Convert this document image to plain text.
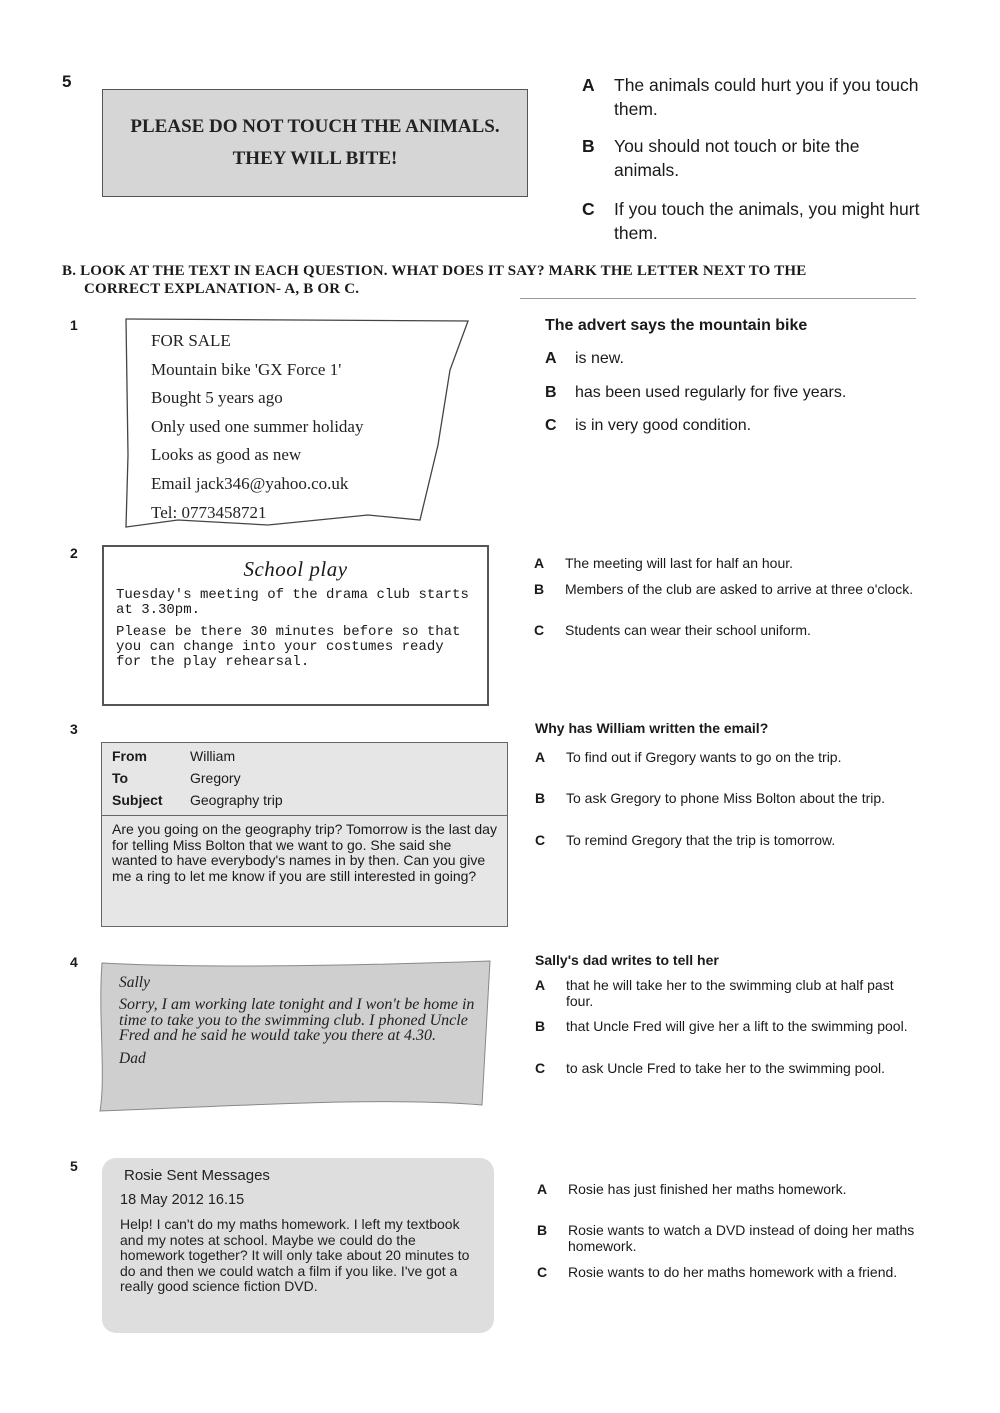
5
PLEASE DO NOT TOUCH THE ANIMALS.
THEY WILL BITE!
A	The animals could hurt you if you touch them.
B	You should not touch or bite the animals.
C	If you touch the animals, you might hurt them.
B. LOOK AT THE TEXT IN EACH QUESTION. WHAT DOES IT SAY? MARK THE LETTER NEXT TO THE
CORRECT EXPLANATION- A, B OR C.
1
FOR SALE
Mountain bike 'GX Force 1'
Bought 5 years ago
Only used one summer holiday
Looks as good as new
Email jack346@yahoo.co.uk
Tel: 0773458721
The advert says the mountain bike
A	is new.
B	has been used regularly for five years.
C	is in very good condition.
2
School play
Tuesday's meeting of the drama club starts at 3.30pm.
Please be there 30 minutes before so that you can change into your costumes ready for the play rehearsal.
A	The meeting will last for half an hour.
B	Members of the club are asked to arrive at three o'clock.
C	Students can wear their school uniform.
3
From	William
To	Gregory
Subject Geography trip
Are you going on the geography trip? Tomorrow is the last day for telling Miss Bolton that we want to go. She said she wanted to have everybody's names in by then. Can you give me a ring to let me know if you are still interested in going?
Why has William written the email?
A	To find out if Gregory wants to go on the trip.
B	To ask Gregory to phone Miss Bolton about the trip.
C	To remind Gregory that the trip is tomorrow.
4
Sally
Sorry, I am working late tonight and I won't be home in time to take you to the swimming club. I phoned Uncle Fred and he said he would take you there at 4.30.
Dad
Sally's dad writes to tell her
A	that he will take her to the swimming club at half past four.
B	that Uncle Fred will give her a lift to the swimming pool.
C	to ask Uncle Fred to take her to the swimming pool.
5
Rosie Sent Messages
18 May 2012 16.15
Help! I can't do my maths homework. I left my textbook and my notes at school. Maybe we could do the homework together? It will only take about 20 minutes to do and then we could watch a film if you like. I've got a really good science fiction DVD.
A	Rosie has just finished her maths homework.
B	Rosie wants to watch a DVD instead of doing her maths homework.
C	Rosie wants to do her maths homework with a friend.
